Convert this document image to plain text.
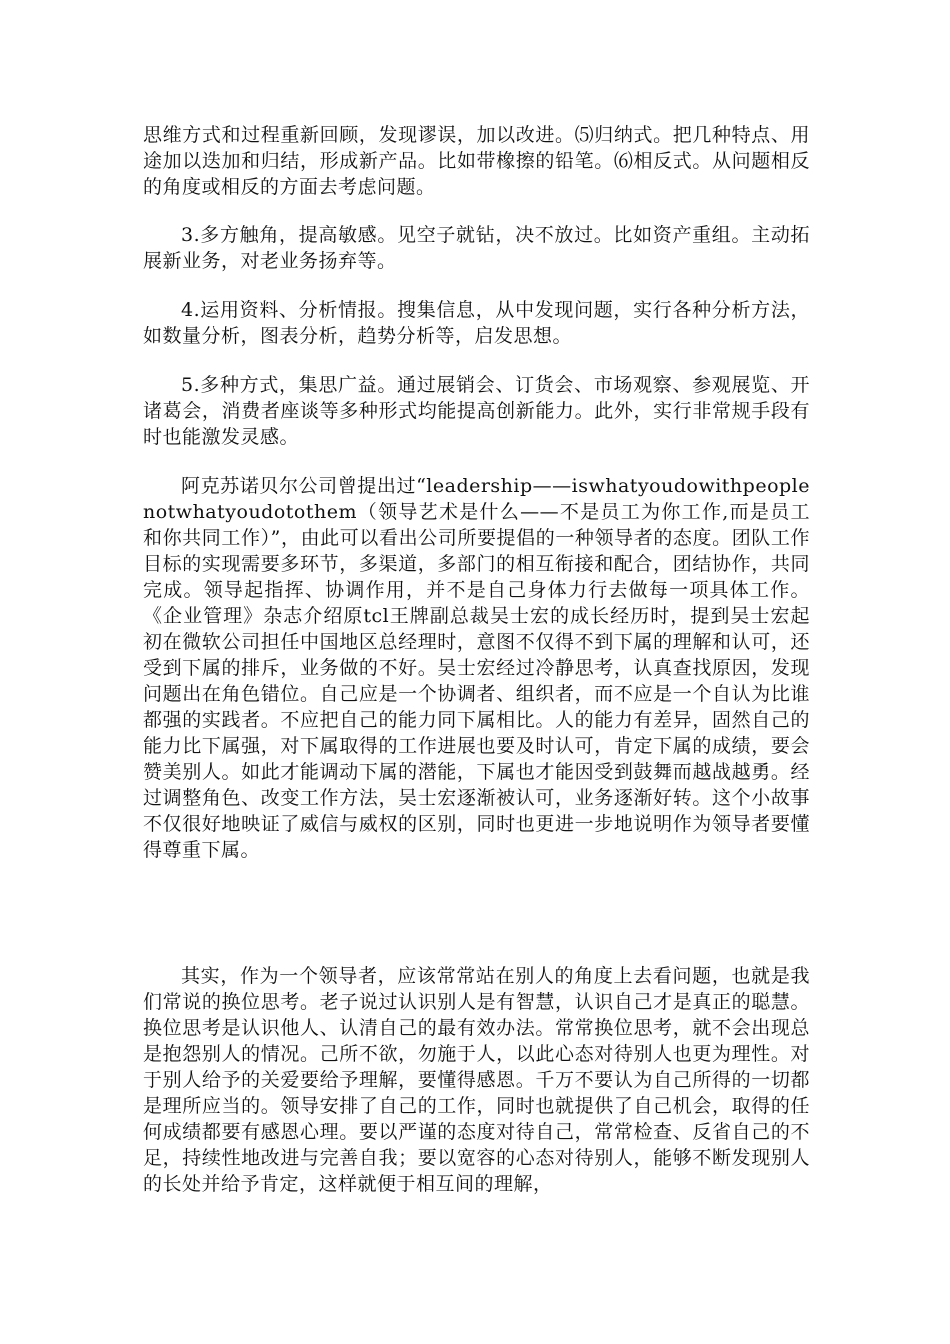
思维方式和过程重新回顾，发现谬误，加以改进。⑸归纳式。把几种特点、用途加以迭加和归结，形成新产品。比如带橡擦的铅笔。⑹相反式。从问题相反的角度或相反的方面去考虑问题。

3.多方触角，提高敏感。见空子就钻，决不放过。比如资产重组。主动拓展新业务，对老业务扬弃等。

4.运用资料、分析情报。搜集信息，从中发现问题，实行各种分析方法，如数量分析，图表分析，趋势分析等，启发思想。

5.多种方式，集思广益。通过展销会、订货会、市场观察、参观展览、开诸葛会，消费者座谈等多种形式均能提高创新能力。此外，实行非常规手段有时也能激发灵感。

阿克苏诺贝尔公司曾提出过“leadership——iswhatyoudowithpeoplenotwhatyoudotothem（领导艺术是什么——不是员工为你工作,而是员工和你共同工作）”，由此可以看出公司所要提倡的一种领导者的态度。团队工作目标的实现需要多环节，多渠道，多部门的相互衔接和配合，团结协作，共同完成。领导起指挥、协调作用，并不是自己身体力行去做每一项具体工作。《企业管理》杂志介绍原tcl王牌副总裁吴士宏的成长经历时，提到吴士宏起初在微软公司担任中国地区总经理时，意图不仅得不到下属的理解和认可，还受到下属的排斥，业务做的不好。吴士宏经过冷静思考，认真查找原因，发现问题出在角色错位。自己应是一个协调者、组织者，而不应是一个自认为比谁都强的实践者。不应把自己的能力同下属相比。人的能力有差异，固然自己的能力比下属强，对下属取得的工作进展也要及时认可，肯定下属的成绩，要会赞美别人。如此才能调动下属的潜能，下属也才能因受到鼓舞而越战越勇。经过调整角色、改变工作方法，吴士宏逐渐被认可，业务逐渐好转。这个小故事不仅很好地映证了威信与威权的区别，同时也更进一步地说明作为领导者要懂得尊重下属。

其实，作为一个领导者，应该常常站在别人的角度上去看问题，也就是我们常说的换位思考。老子说过认识别人是有智慧，认识自己才是真正的聪慧。换位思考是认识他人、认清自己的最有效办法。常常换位思考，就不会出现总是抱怨别人的情况。己所不欲，勿施于人，以此心态对待别人也更为理性。对于别人给予的关爱要给予理解，要懂得感恩。千万不要认为自己所得的一切都是理所应当的。领导安排了自己的工作，同时也就提供了自己机会，取得的任何成绩都要有感恩心理。要以严谨的态度对待自己，常常检查、反省自己的不足，持续性地改进与完善自我；要以宽容的心态对待别人，能够不断发现别人的长处并给予肯定，这样就便于相互间的理解，
